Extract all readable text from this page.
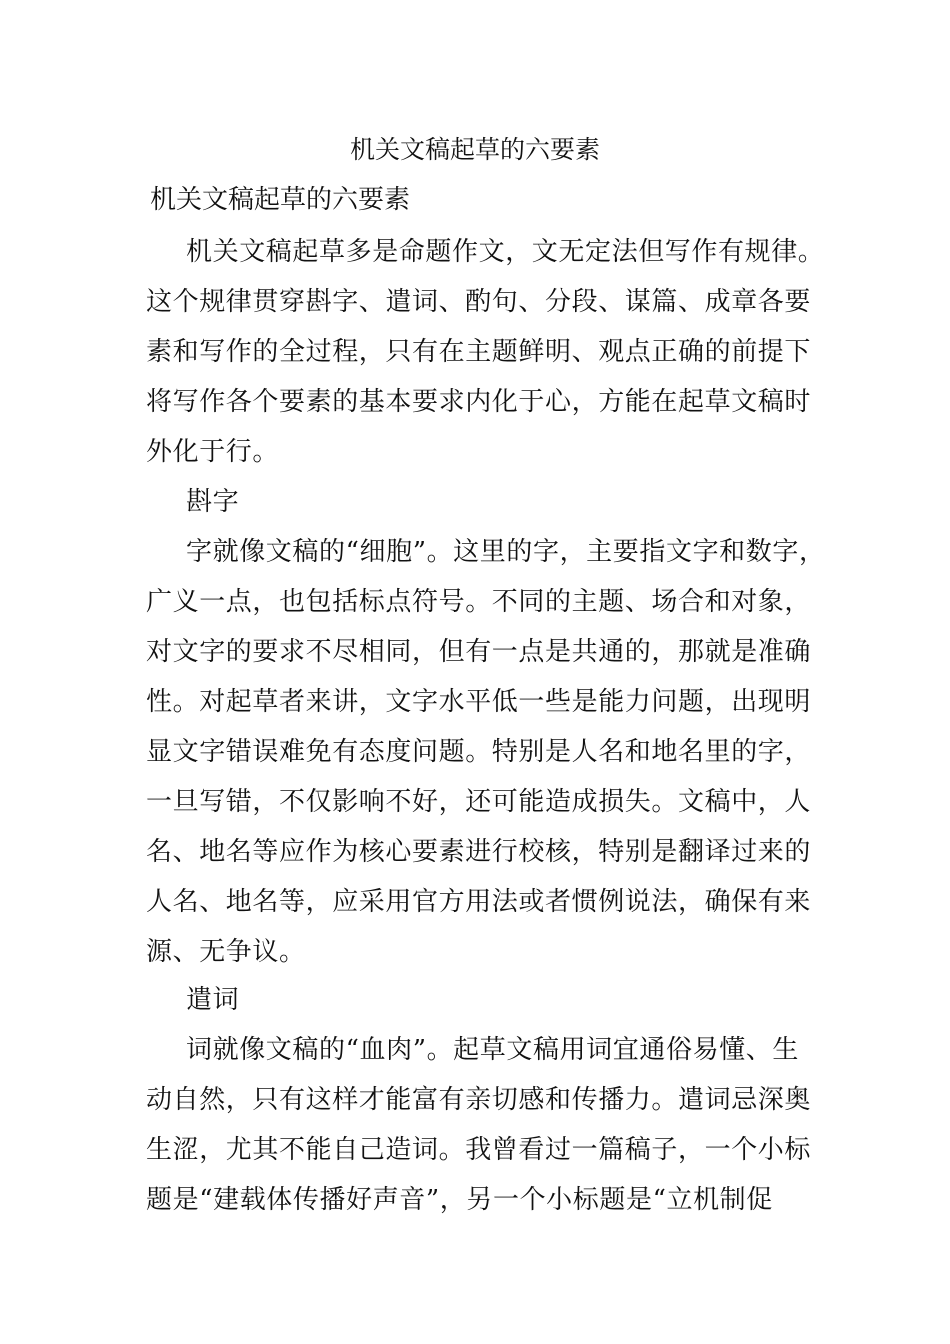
机关文稿起草的六要素
机关文稿起草的六要素
机关文稿起草多是命题作文，文无定法但写作有规律。
这个规律贯穿斟字、遣词、酌句、分段、谋篇、成章各要
素和写作的全过程，只有在主题鲜明、观点正确的前提下
将写作各个要素的基本要求内化于心，方能在起草文稿时
外化于行。
斟字
字就像文稿的“细胞”。这里的字，主要指文字和数字，
广义一点，也包括标点符号。不同的主题、场合和对象，
对文字的要求不尽相同，但有一点是共通的，那就是准确
性。对起草者来讲，文字水平低一些是能力问题，出现明
显文字错误难免有态度问题。特别是人名和地名里的字，
一旦写错，不仅影响不好，还可能造成损失。文稿中，人
名、地名等应作为核心要素进行校核，特别是翻译过来的
人名、地名等，应采用官方用法或者惯例说法，确保有来
源、无争议。
遣词
词就像文稿的“血肉”。起草文稿用词宜通俗易懂、生
动自然，只有这样才能富有亲切感和传播力。遣词忌深奥
生涩，尤其不能自己造词。我曾看过一篇稿子，一个小标
题是“建载体传播好声音”，另一个小标题是“立机制促
